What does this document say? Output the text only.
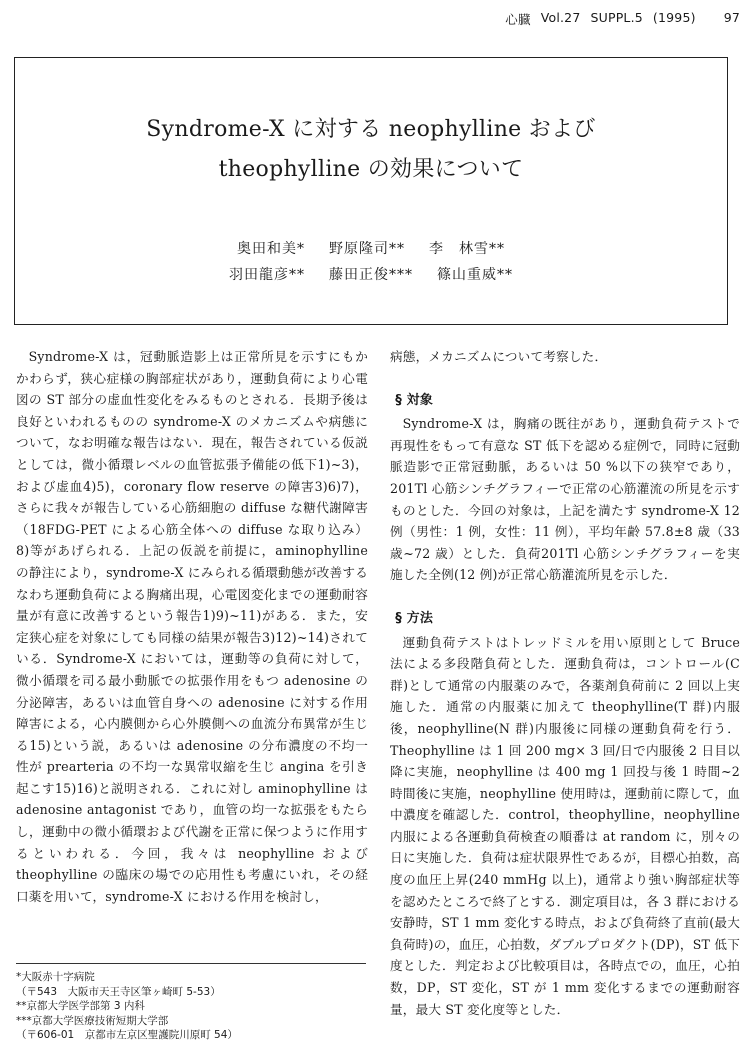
心臓 Vol.27 SUPPL.5 (1995) 97
Syndrome-X に対する neophylline および
theophylline の効果について
奥田和美* 野原隆司** 李　林雪**
羽田龍彦** 藤田正俊*** 篠山重威**

Syndrome-X は，冠動脈造影上は正常所見を示すにもかかわらず，狭心症様の胸部症状があり，運動負荷により心電図の ST 部分の虚血性変化をみるものとされる．長期予後は良好といわれるものの syndrome-X のメカニズムや病態について，なお明確な報告はない．現在，報告されている仮説としては，微小循環レベルの血管拡張予備能の低下1)~3)，および虚血4)5)，coronary flow reserve の障害3)6)7)，さらに我々が報告している心筋細胞の diffuse な糖代謝障害（18FDG-PET による心筋全体への diffuse な取り込み）8)等があげられる．上記の仮説を前提に，aminophylline の静注により，syndrome-X にみられる循環動態が改善するなわち運動負荷による胸痛出現，心電図変化までの運動耐容量が有意に改善するという報告1)9)~11)がある．また，安定狭心症を対象にしても同様の結果が報告3)12)~14)されている．Syndrome-X においては，運動等の負荷に対して，微小循環を司る最小動脈での拡張作用をもつ adenosine の分泌障害，あるいは血管自身への adenosine に対する作用障害による，心内膜側から心外膜側への血流分布異常が生じる15)という説，あるいは adenosine の分布濃度の不均一性が prearteria の不均一な異常収縮を生じ angina を引き起こす15)16)と説明される．これに対し aminophylline は adenosine antagonist であり，血管の均一な拡張をもたらし，運動中の微小循環および代謝を正常に保つように作用するといわれる．今回，我々は neophylline および theophylline の臨床の場での応用性も考慮にいれ，その経口薬を用いて，syndrome-X における作用を検討し，

病態，メカニズムについて考察した．

§ 対象

Syndrome-X は，胸痛の既往があり，運動負荷テストで再現性をもって有意な ST 低下を認める症例で，同時に冠動脈造影で正常冠動脈，あるいは 50 %以下の狭窄であり，201Tl 心筋シンチグラフィーで正常の心筋灌流の所見を示すものとした．今回の対象は，上記を満たす syndrome-X 12 例（男性：1 例，女性：11 例），平均年齢 57.8±8 歳（33 歳~72 歳）とした．負荷201Tl 心筋シンチグラフィーを実施した全例(12 例)が正常心筋灌流所見を示した．

§ 方法

運動負荷テストはトレッドミルを用い原則として Bruce 法による多段階負荷とした．運動負荷は，コントロール(C 群)として通常の内服薬のみで，各薬剤負荷前に 2 回以上実施した．通常の内服薬に加えて theophylline(T 群)内服後，neophylline(N 群)内服後に同様の運動負荷を行う．Theophylline は 1 回 200 mg× 3 回/日で内服後 2 日目以降に実施，neophylline は 400 mg 1 回投与後 1 時間~2 時間後に実施，neophylline 使用時は，運動前に際して，血中濃度を確認した．control，theophylline，neophylline 内服による各運動負荷検査の順番は at random に，別々の日に実施した．負荷は症状限界性であるが，目標心拍数，高度の血圧上昇(240 mmHg 以上)，通常より強い胸部症状等を認めたところで終了とする．測定項目は，各 3 群における安静時，ST 1 mm 変化する時点，および負荷終了直前(最大負荷時)の，血圧，心拍数，ダブルプロダクト(DP)，ST 低下度とした．判定および比較項目は，各時点での，血圧，心拍数，DP，ST 変化，ST が 1 mm 変化するまでの運動耐容量，最大 ST 変化度等とした．

*大阪赤十字病院
（〒543　大阪市天王寺区筆ヶ崎町 5-53）
**京都大学医学部第 3 内科
***京都大学医療技術短期大学部
（〒606-01　京都市左京区聖護院川原町 54）
